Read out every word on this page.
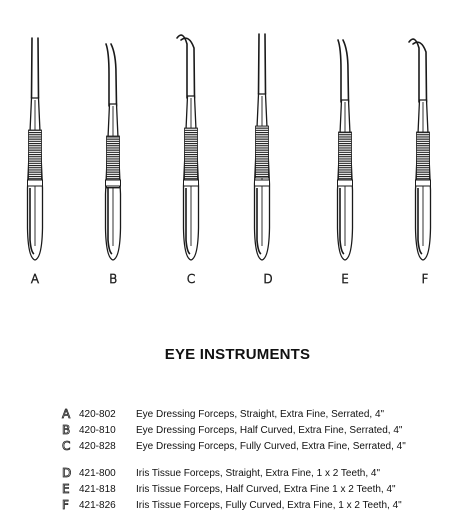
A	B	C	D	E	F
EYE INSTRUMENTS
A 420-802	Eye Dressing Forceps, Straight, Extra Fine, Serrated, 4"
B 420-810	Eye Dressing Forceps, Half Curved, Extra Fine, Serrated, 4"
C 420-828	Eye Dressing Forceps, Fully Curved, Extra Fine, Serrated, 4"
D 421-800	Iris Tissue Forceps, Straight, Extra Fine, 1 x 2 Teeth, 4"
E 421-818	Iris Tissue Forceps, Half Curved, Extra Fine 1 x 2 Teeth, 4"
F	421-826	Iris Tissue Forceps, Fully Curved, Extra Fine, 1 x 2 Teeth, 4"
